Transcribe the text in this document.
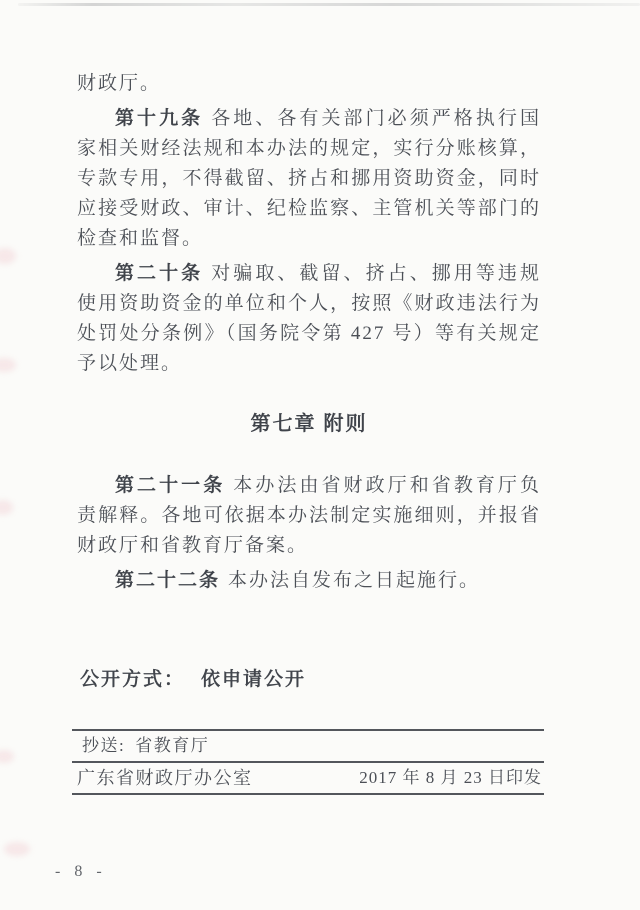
财政厅。

第十九条 各地、各有关部门必须严格执行国家相关财经法规和本办法的规定，实行分账核算，专款专用，不得截留、挤占和挪用资助资金，同时应接受财政、审计、纪检监察、主管机关等部门的检查和监督。

第二十条 对骗取、截留、挤占、挪用等违规使用资助资金的单位和个人，按照《财政违法行为处罚处分条例》（国务院令第 427 号）等有关规定予以处理。

第七章 附则

第二十一条 本办法由省财政厅和省教育厅负责解释。各地可依据本办法制定实施细则，并报省财政厅和省教育厅备案。

第二十二条 本办法自发布之日起施行。

公开方式： 依申请公开
抄送: 省教育厅
广东省财政厅办公室	2017 年 8 月 23 日印发
- 8 -
